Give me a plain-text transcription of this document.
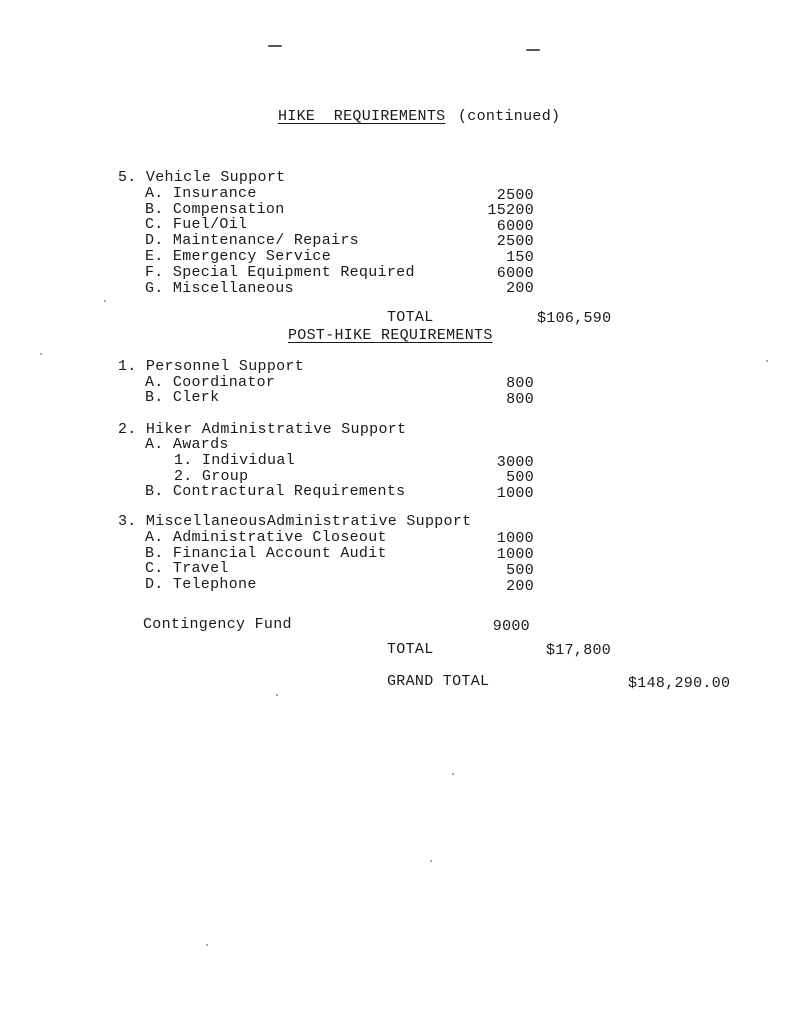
HIKE  REQUIREMENTS (continued)
5. Vehicle Support
A. Insurance	2500
B. Compensation	15200
C. Fuel/Oil	6000
D. Maintenance/ Repairs	2500
E. Emergency Service	150
F. Special Equipment Required	6000
G. Miscellaneous	200
TOTAL	$106,590
POST-HIKE REQUIREMENTS
1. Personnel Support
A. Coordinator	800
B. Clerk	800
2. Hiker Administrative Support
A. Awards
1. Individual	3000
2. Group	500
B. Contractural Requirements	1000
3. MiscellaneousAdministrative Support
A. Administrative Closeout	1000
B. Financial Account Audit	1000
C. Travel	500
D. Telephone	200
Contingency Fund	9000
TOTAL	$17,800
GRAND TOTAL	$148,290.00
